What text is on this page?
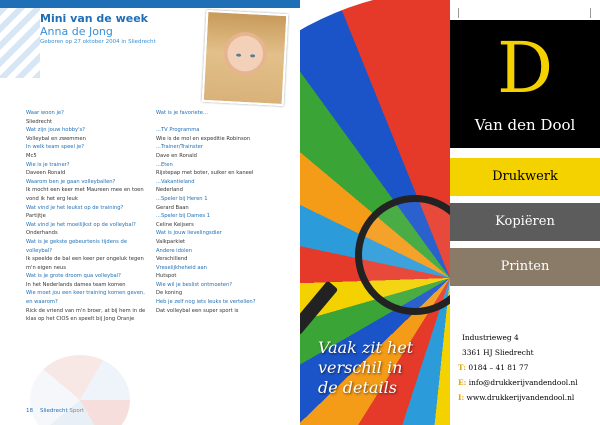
Mini van de week

Anna de Jong

Geboren op 27 oktober 2004 in Sliedrecht

Waar woon je?
Sliedrecht
Wat zijn jouw hobby's?
Volleybal en zwemmen
In welk team speel je?
Mc5
Wie is je trainer?
Daveen Ronald
Waarom ben je gaan volleyballen?
Ik mocht een keer met Maureen mee en toen vond ik het erg leuk
Wat vind je het leukst op de training?
Partijtje
Wat vind je het moeilijkst op de volleybal?
Onderhands
Wat is je gekste gebeurtenis tijdens de volleybal?
Ik speelde de bal een keer per ongeluk tegen m'n eigen neus
Wat is je grote droom qua volleybal?
In het Nederlands dames team komen
Wie moet jou een keer training komen geven, en waarom?
Rick de vriend van m'n broer, at bij hem in de klas op het CIOS en speelt bij Jong Oranje
Wat is je favoriete...
...TV Programma
Wie is de mol en expeditie Robinson
...Trainer/Trainster
Dave en Ronald
...Eten
Rijstepap met boter, suiker en kaneel
...Vakantieland
Nederland
...Speler bij Heren 1
Gerard Baan
...Speler bij Dames 1
Celine Keijsers
Wat is jouw lievelingsdier
Valkparkiet
Andere idolen
Verschillend
Vreselijkheheid aan
Hutspot
Wie wil je beslist ontmoeten?
De koning
Heb je zelf nog iets leuks te vertellen?
Dat volleybal een super sport is
18 Sliedrecht Sport
Vaak zit het
verschil in
de details
D
Van den Dool
Drukwerk
Kopiëren
Printen
Industrieweg 4
3361 HJ Sliedrecht
T: 0184 – 41 81 77
E: info@drukkerijvandendool.nl
I: www.drukkerijvandendool.nl
